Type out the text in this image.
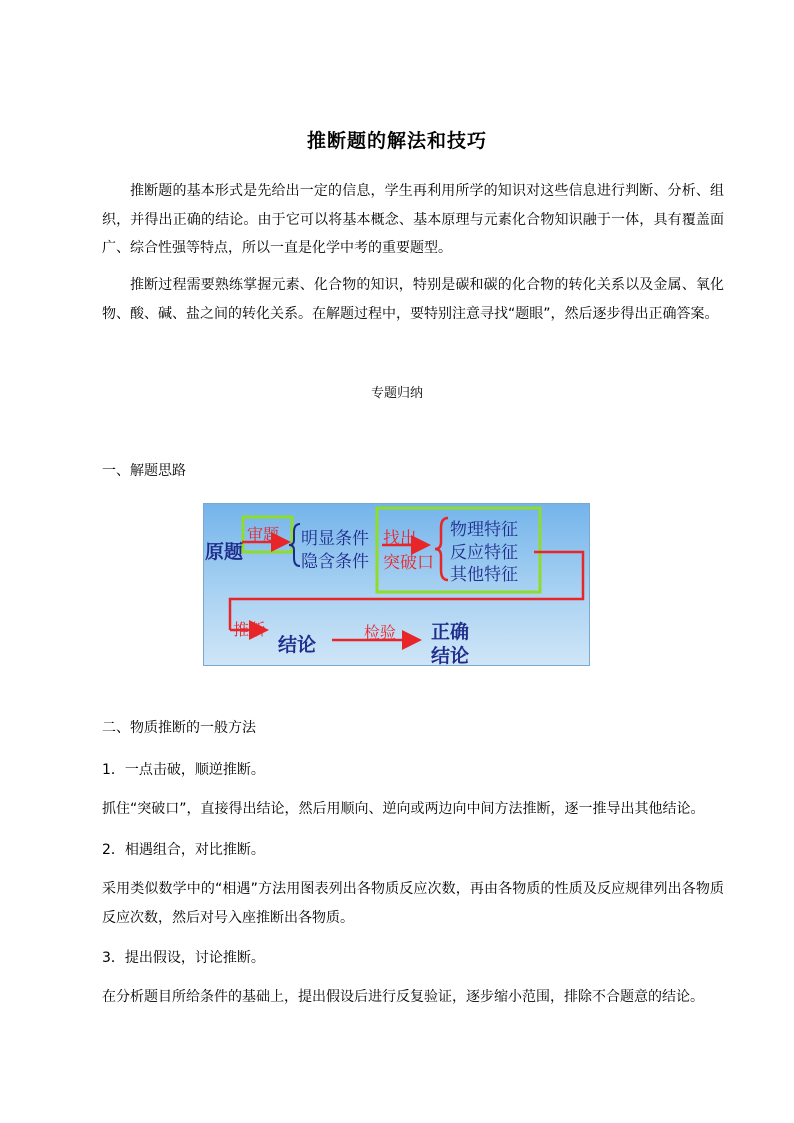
推断题的解法和技巧
推断题的基本形式是先给出一定的信息，学生再利用所学的知识对这些信息进行判断、分析、组织，并得出正确的结论。由于它可以将基本概念、基本原理与元素化合物知识融于一体，具有覆盖面广、综合性强等特点，所以一直是化学中考的重要题型。
推断过程需要熟练掌握元素、化合物的知识，特别是碳和碳的化合物的转化关系以及金属、氧化物、酸、碱、盐之间的转化关系。在解题过程中，要特别注意寻找“题眼”，然后逐步得出正确答案。
专题归纳
一、解题思路
原题
审题 明显条件
隐含条件
找出
突破口
物理特征
反应特征
其他特征
推断
结论
检验 正确
结论
二、物质推断的一般方法
1．一点击破，顺逆推断。
抓住“突破口”，直接得出结论，然后用顺向、逆向或两边向中间方法推断，逐一推导出其他结论。
2．相遇组合，对比推断。
采用类似数学中的“相遇”方法用图表列出各物质反应次数，再由各物质的性质及反应规律列出各物质反应次数，然后对号入座推断出各物质。
3．提出假设，讨论推断。
在分析题目所给条件的基础上，提出假设后进行反复验证，逐步缩小范围，排除不合题意的结论。
